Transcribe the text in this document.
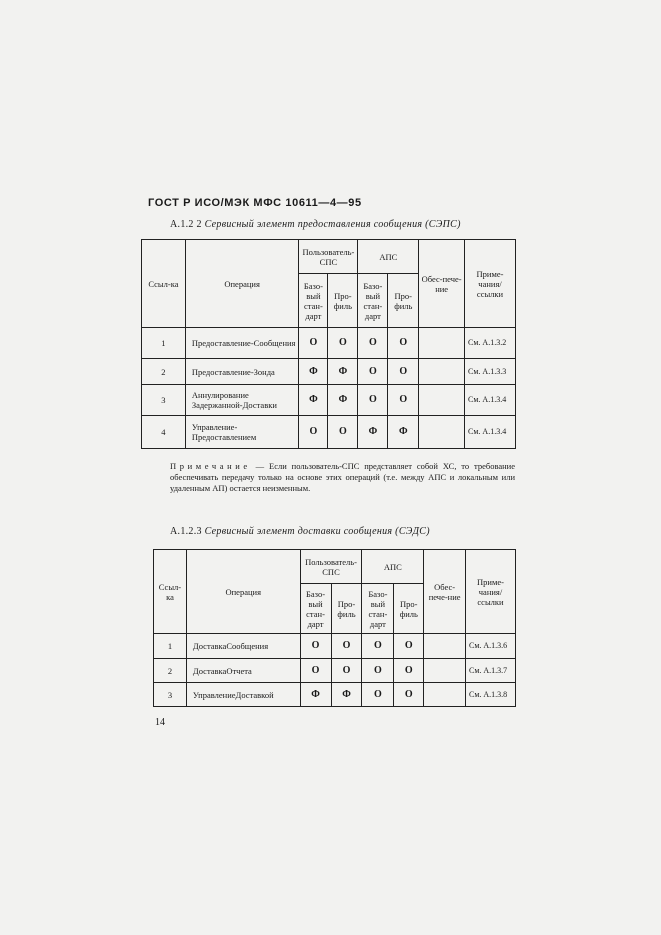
ГОСТ Р ИСО/МЭК МФС 10611—4—95
А.1.2 2 Сервисный элемент предоставления сообщения (СЭПС)
Ссыл-ка	Операция	Пользователь-СПС		АПС		Обес-пече-ние	Приме-чания/ ссылки
		Базо-вый стан-дарт	Про-филь	Базо-вый стан-дарт	Про-филь		
1	Предоставление-Сообщения	О	О	О	О		См. А.1.3.2
2	Предоставление-Зонда	Ф	Ф	О	О		См. А.1.3.3
3	Аннулирование Задержанной-Доставки	Ф	Ф	О	О		См. А.1.3.4
4	Управление-Предоставлением	О	О	Ф	Ф		См. А.1.3.4
Примечание — Если пользователь-СПС представляет собой ХС, то требование обеспечивать передачу только на основе этих операций (т.е. между АПС и локальным или удаленным АП) остается неизменным.
А.1.2.3 Сервисный элемент доставки сообщения (СЭДС)
Ссыл-ка	Операция	Пользователь-СПС		АПС		Обес-пече-ние	Приме-чания/ ссылки
		Базо-вый стан-дарт	Про-филь	Базо-вый стан-дарт	Про-филь		
1	ДоставкаСообщения	О	О	О	О		См. А.1.3.6
2	ДоставкаОтчета	О	О	О	О		См. А.1.3.7
3	УправлениеДоставкой	Ф	Ф	О	О		См. А.1.3.8
14
